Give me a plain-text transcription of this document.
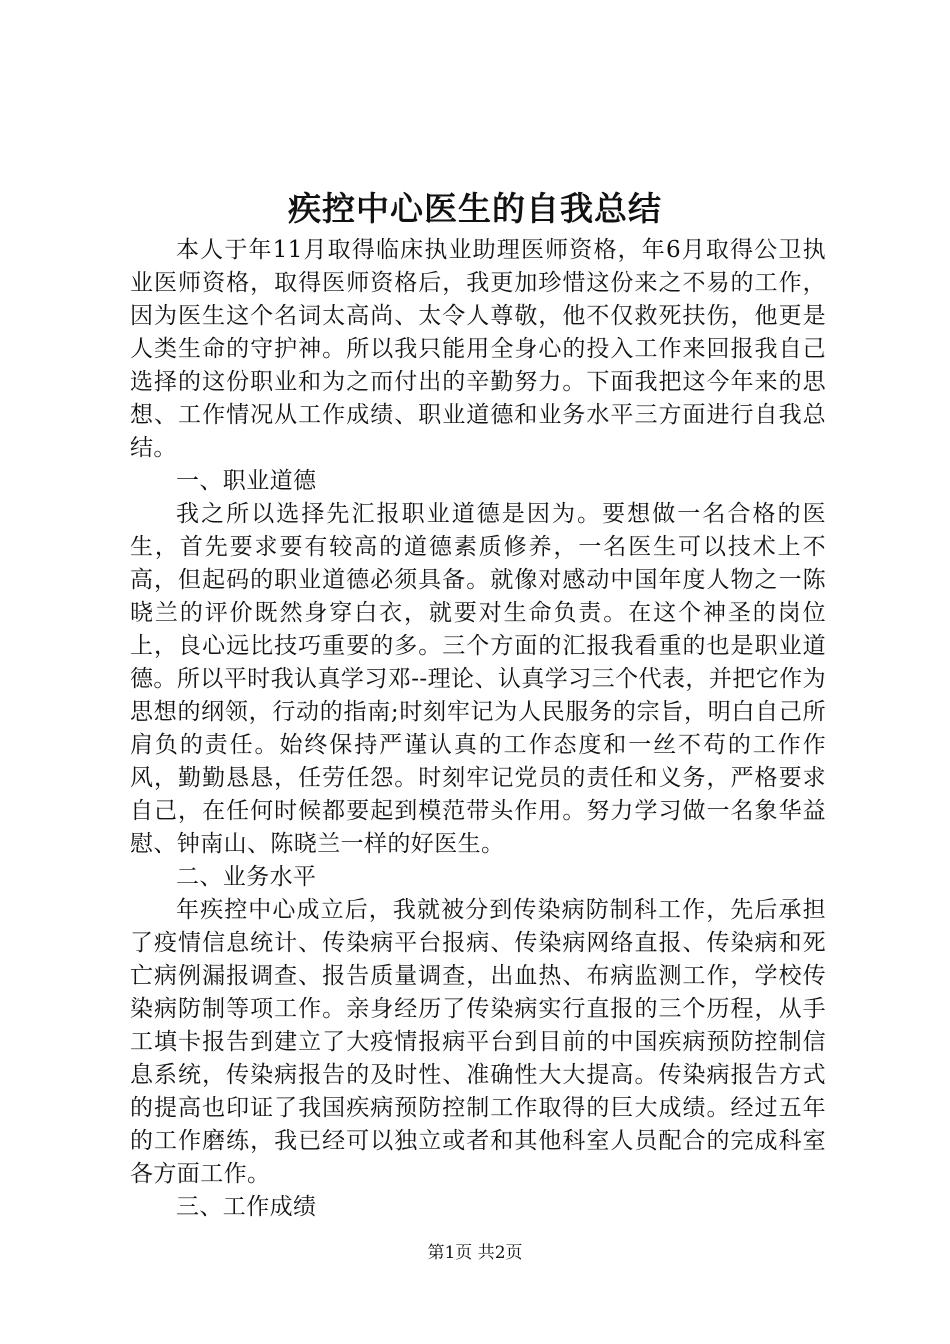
疾控中心医生的自我总结

本人于年11月取得临床执业助理医师资格，年6月取得公卫执业医师资格，取得医师资格后，我更加珍惜这份来之不易的工作，因为医生这个名词太高尚、太令人尊敬，他不仅救死扶伤，他更是人类生命的守护神。所以我只能用全身心的投入工作来回报我自己选择的这份职业和为之而付出的辛勤努力。下面我把这今年来的思想、工作情况从工作成绩、职业道德和业务水平三方面进行自我总结。

一、职业道德

我之所以选择先汇报职业道德是因为。要想做一名合格的医生，首先要求要有较高的道德素质修养，一名医生可以技术上不高，但起码的职业道德必须具备。就像对感动中国年度人物之一陈晓兰的评价既然身穿白衣，就要对生命负责。在这个神圣的岗位上，良心远比技巧重要的多。三个方面的汇报我看重的也是职业道德。所以平时我认真学习邓--理论、认真学习三个代表，并把它作为思想的纲领，行动的指南;时刻牢记为人民服务的宗旨，明白自己所肩负的责任。始终保持严谨认真的工作态度和一丝不苟的工作作风，勤勤恳恳，任劳任怨。时刻牢记党员的责任和义务，严格要求自己，在任何时候都要起到模范带头作用。努力学习做一名象华益慰、钟南山、陈晓兰一样的好医生。

二、业务水平

年疾控中心成立后，我就被分到传染病防制科工作，先后承担了疫情信息统计、传染病平台报病、传染病网络直报、传染病和死亡病例漏报调查、报告质量调查，出血热、布病监测工作，学校传染病防制等项工作。亲身经历了传染病实行直报的三个历程，从手工填卡报告到建立了大疫情报病平台到目前的中国疾病预防控制信息系统，传染病报告的及时性、准确性大大提高。传染病报告方式的提高也印证了我国疾病预防控制工作取得的巨大成绩。经过五年的工作磨练，我已经可以独立或者和其他科室人员配合的完成科室各方面工作。

三、工作成绩

第1页 共2页
